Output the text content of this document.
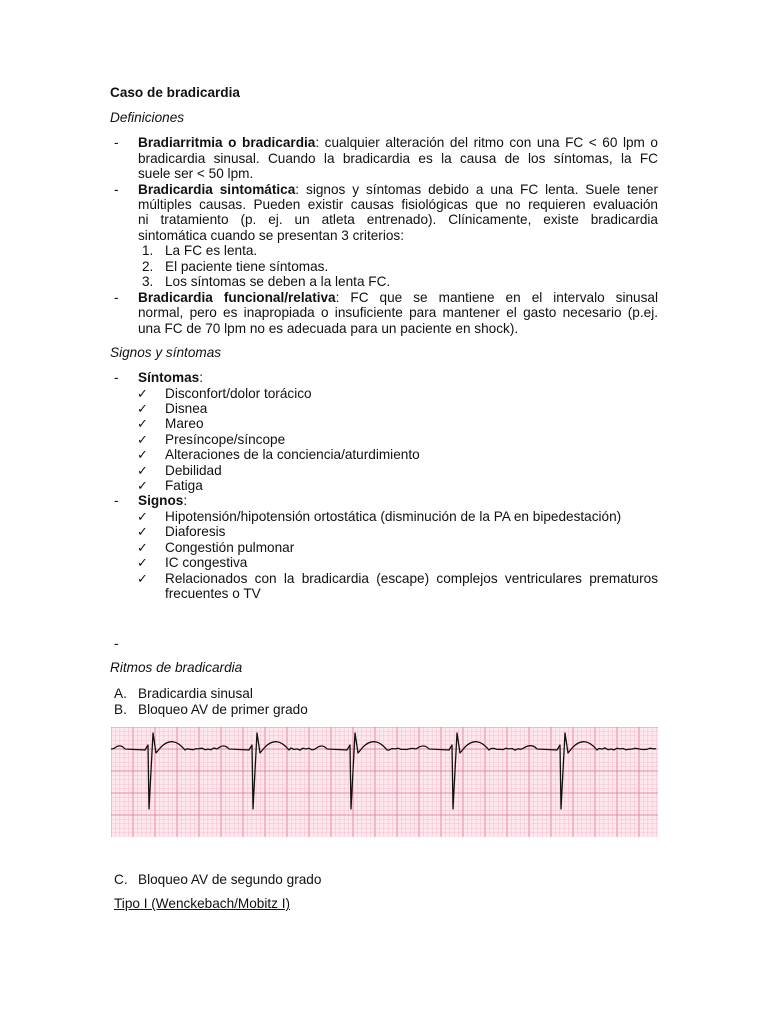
Caso de bradicardia
Definiciones
- Bradiarritmia o bradicardia: cualquier alteración del ritmo con una FC < 60 lpm o
bradicardia sinusal. Cuando la bradicardia es la causa de los síntomas, la FC
suele ser < 50 lpm.
- Bradicardia sintomática: signos y síntomas debido a una FC lenta. Suele tener
múltiples causas. Pueden existir causas fisiológicas que no requieren evaluación
ni tratamiento (p. ej. un atleta entrenado). Clínicamente, existe bradicardia
sintomática cuando se presentan 3 criterios:
1. La FC es lenta.
2. El paciente tiene síntomas.
3. Los síntomas se deben a la lenta FC.
- Bradicardia funcional/relativa: FC que se mantiene en el intervalo sinusal
normal, pero es inapropiada o insuficiente para mantener el gasto necesario (p.ej.
una FC de 70 lpm no es adecuada para un paciente en shock).
Signos y síntomas
- Síntomas:
✓ Disconfort/dolor torácico
✓ Disnea
✓ Mareo
✓ Presíncope/síncope
✓ Alteraciones de la conciencia/aturdimiento
✓ Debilidad
✓ Fatiga
- Signos:
✓ Hipotensión/hipotensión ortostática (disminución de la PA en bipedestación)
✓ Diaforesis
✓ Congestión pulmonar
✓ IC congestiva
✓ Relacionados con la bradicardia (escape) complejos ventriculares prematuros
frecuentes o TV
-
Ritmos de bradicardia
A. Bradicardia sinusal
B. Bloqueo AV de primer grado
C. Bloqueo AV de segundo grado
Tipo I (Wenckebach/Mobitz I)
